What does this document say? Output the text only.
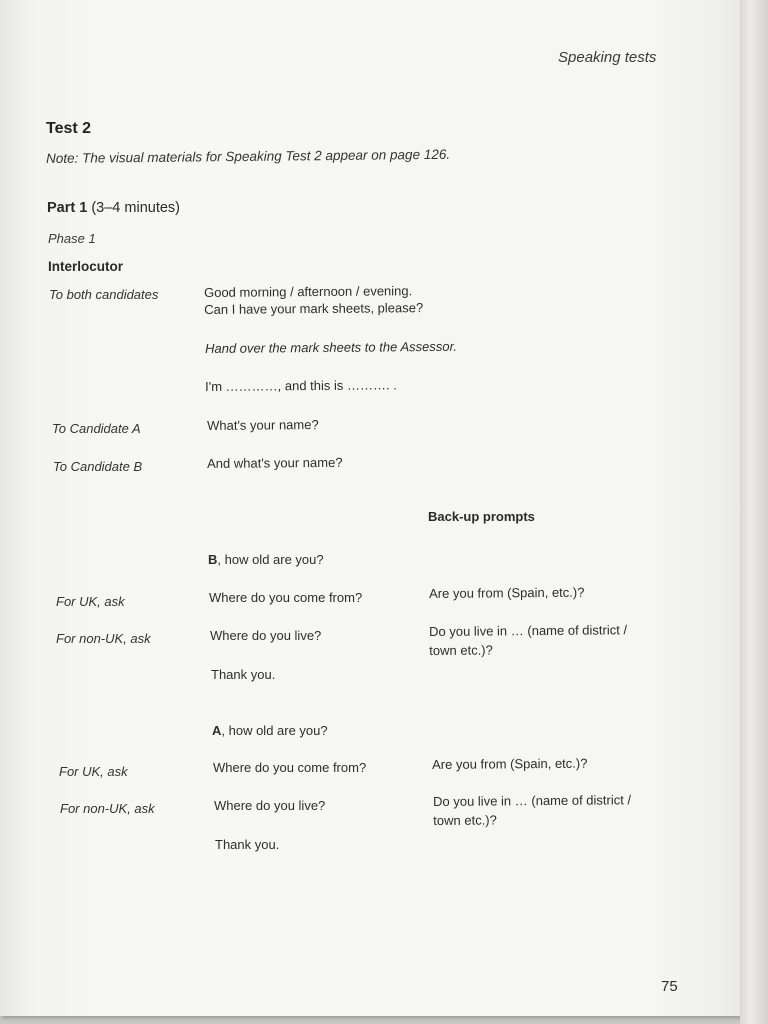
Speaking tests

Test 2

Note: The visual materials for Speaking Test 2 appear on page 126.

Part 1 (3–4 minutes)

Phase 1

Interlocutor

To both candidates	Good morning / afternoon / evening.
Can I have your mark sheets, please?

Hand over the mark sheets to the Assessor.

I'm …………, and this is ………. .

To Candidate A	What's your name?

To Candidate B	And what's your name?

Back-up prompts

B, how old are you?

For UK, ask	Where do you come from?	Are you from (Spain, etc.)?

For non-UK, ask	Where do you live?	Do you live in … (name of district /
town etc.)?

Thank you.

A, how old are you?

For UK, ask	Where do you come from?	Are you from (Spain, etc.)?

For non-UK, ask	Where do you live?	Do you live in … (name of district /
town etc.)?

Thank you.

75
